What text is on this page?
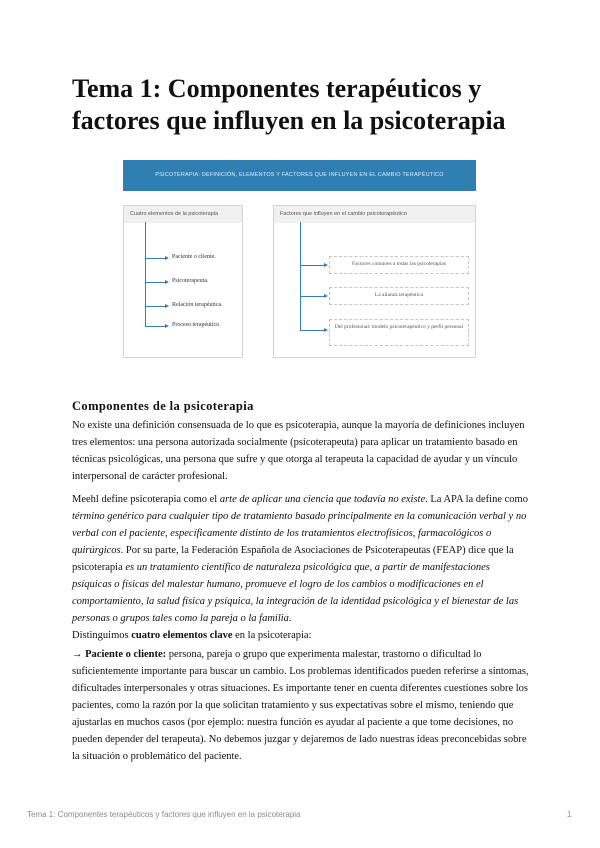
Tema 1: Componentes terapéuticos y factores que influyen en la psicoterapia
PSICOTERAPIA: DEFINICIÓN, ELEMENTOS Y FACTORES QUE INFLUYEN EN EL CAMBIO TERAPÉUTICO
Cuatro elementos de la psicoterapia	Factores que influyen en el cambio psicoterapéutico
Paciente o cliente.
Psicoterapeuta.
Relación terapéutica.
Proceso terapéutico.
Factores comunes a todas las psicoterapias
La alianza terapéutica
Del profesional: modelo psicoterapéutico y perfil personal
Componentes de la psicoterapia

No existe una definición consensuada de lo que es psicoterapia, aunque la mayoría de definiciones incluyen tres elementos: una persona autorizada socialmente (psicoterapeuta) para aplicar un tratamiento basado en técnicas psicológicas, una persona que sufre y que otorga al terapeuta la capacidad de ayudar y un vínculo interpersonal de carácter profesional.

Meehl define psicoterapia como el arte de aplicar una ciencia que todavía no existe. La APA la define como término genérico para cualquier tipo de tratamiento basado principalmente en la comunicación verbal y no verbal con el paciente, específicamente distinto de los tratamientos electrofísicos, farmacológicos o quirúrgicos. Por su parte, la Federación Española de Asociaciones de Psicoterapeutas (FEAP) dice que la psicoterapia es un tratamiento científico de naturaleza psicológica que, a partir de manifestaciones psíquicas o físicas del malestar humano, promueve el logro de los cambios o modificaciones en el comportamiento, la salud física y psíquica, la integración de la identidad psicológica y el bienestar de las personas o grupos tales como la pareja o la familia.

Distinguimos cuatro elementos clave en la psicoterapia:

→ Paciente o cliente: persona, pareja o grupo que experimenta malestar, trastorno o dificultad lo suficientemente importante para buscar un cambio. Los problemas identificados pueden referirse a síntomas, dificultades interpersonales y otras situaciones. Es importante tener en cuenta diferentes cuestiones sobre los pacientes, como la razón por la que solicitan tratamiento y sus expectativas sobre el mismo, teniendo que ajustarlas en muchos casos (por ejemplo: nuestra función es ayudar al paciente a que tome decisiones, no pueden depender del terapeuta). No debemos juzgar y dejaremos de lado nuestras ideas preconcebidas sobre la situación o problemático del paciente.

Tema 1: Componentes terapéuticos y factores que influyen en la psicoterapia	1
